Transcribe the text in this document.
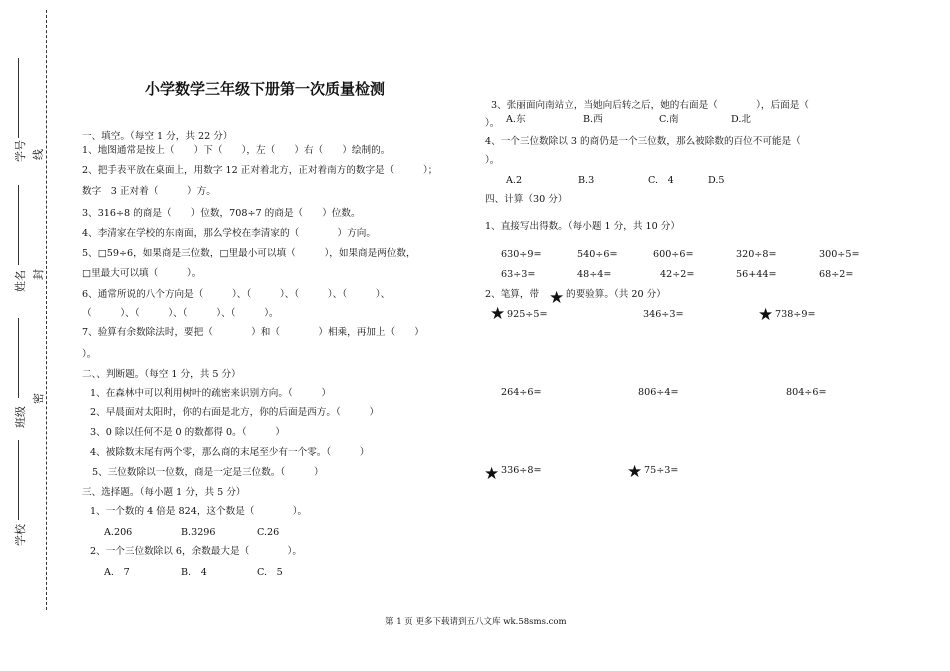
学号 线
姓名 封
班级
密
学校
小学数学三年级下册第一次质量检测
一、填空。（每空 1 分，共 22 分）
1、地图通常是按上（　　）下（　　），左（　　）右（　　）绘制的。
2、把手表平放在桌面上，用数字 12 正对着北方，正对着南方的数字是（　　　）；
数字　3 正对着（　　　）方。
3、316÷8 的商是（　　）位数，708÷7 的商是（　　）位数。
4、李清家在学校的东南面，那么学校在李清家的（　　　　）方向。
5、□59÷6，如果商是三位数，□里最小可以填（　　　），如果商是两位数，
□里最大可以填（　　　）。
6、通常所说的八个方向是（　　　）、（　　　）、（　　　）、（　　　）、
（　　　）、（　　　）、（　　　）、（　　　）。
7、验算有余数除法时，要把（　　　　）和（　　　　）相乘，再加上（　　）
）。
二、、判断题。（每空 1 分，共 5 分）
1、在森林中可以利用树叶的疏密来识别方向。（　　　）
2、早晨面对太阳时，你的右面是北方，你的后面是西方。（　　　）
3、0 除以任何不是 0 的数都得 0。（　　　）
4、被除数末尾有两个零，那么商的末尾至少有一个零。（　　　）
5、三位数除以一位数，商是一定是三位数。（　　　）
三、选择题。（每小题 1 分，共 5 分）
1、一个数的 4 倍是 824，这个数是（　　　　）。
A.206	B.3296	C.26
2、一个三位数除以 6，余数最大是（　　　　）。
A.　7	B.　4	C.　5
3、张丽面向南站立，当她向后转之后，她的右面是（　　　　），后面是（
）。 A.东	B.西	C.南	D.北
4、一个三位数除以 3 的商仍是一个三位数，那么被除数的百位不可能是（
）。
A.2	B.3	C.　4	D.5
四、计算（30 分）
1、直接写出得数。（每小题 1 分，共 10 分）
630÷9=	540÷6=	600÷6=	320÷8=	300÷5=
63÷3=	48÷4=	42÷2=	56+44=	68÷2=
2、笔算，带 ★ 的要验算。（共 20 分）
★ 925÷5=	346÷3=	★ 738÷9=
264÷6=	806÷4=	804÷6=
★ 336÷8=	★ 75÷3=
第 1 页 更多下载请到五八文库 wk.58sms.com
